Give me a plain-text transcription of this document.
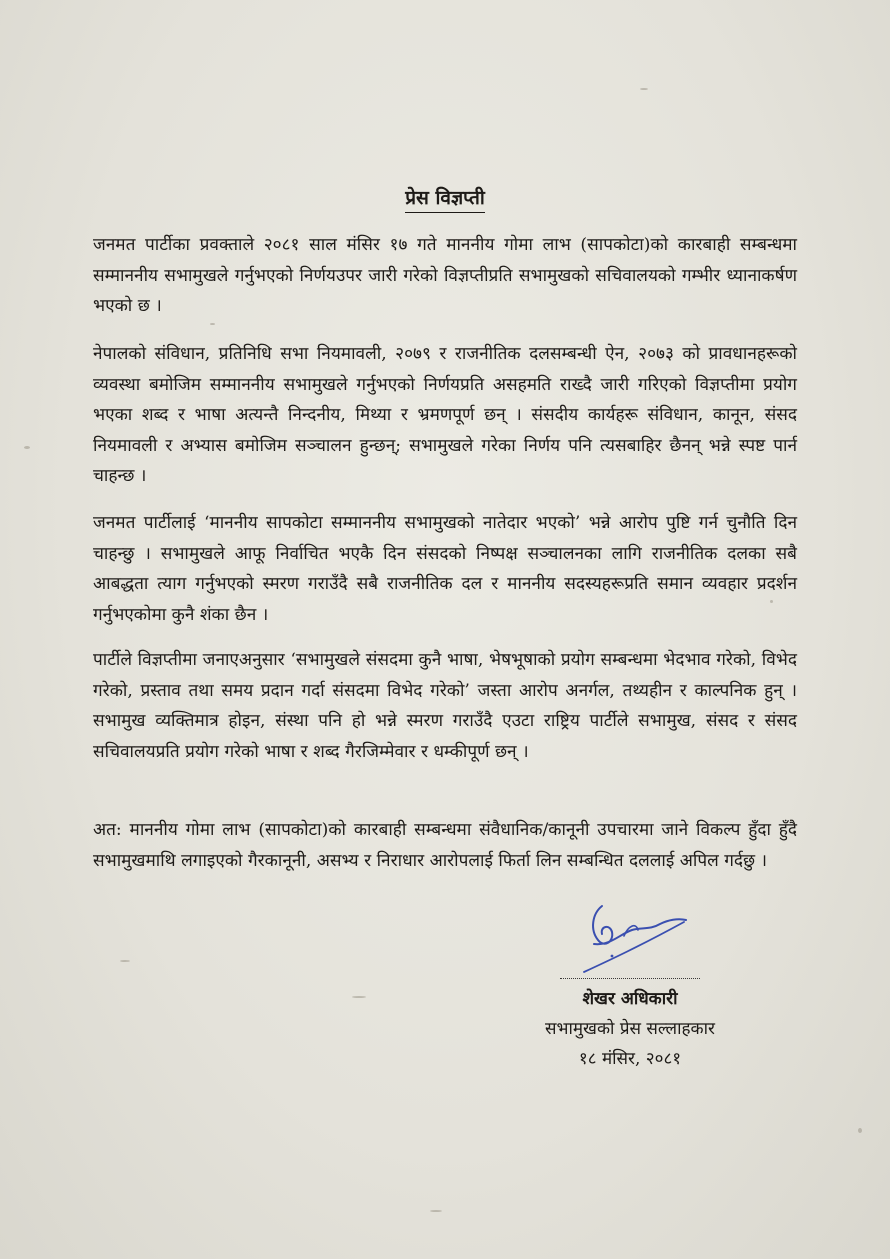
प्रेस विज्ञप्ती

जनमत पार्टीका प्रवक्ताले २०८१ साल मंसिर १७ गते माननीय गोमा लाभ (सापकोटा)को कारबाही सम्बन्धमा सम्माननीय सभामुखले गर्नुभएको निर्णयउपर जारी गरेको विज्ञप्तीप्रति सभामुखको सचिवालयको गम्भीर ध्यानाकर्षण भएको छ ।

नेपालको संविधान, प्रतिनिधि सभा नियमावली, २०७९ र राजनीतिक दलसम्बन्धी ऐन, २०७३ को प्रावधानहरूको व्यवस्था बमोजिम सम्माननीय सभामुखले गर्नुभएको निर्णयप्रति असहमति राख्दै जारी गरिएको विज्ञप्तीमा प्रयोग भएका शब्द र भाषा अत्यन्तै निन्दनीय, मिथ्या र भ्रमणपूर्ण छन् । संसदीय कार्यहरू संविधान, कानून, संसद नियमावली र अभ्यास बमोजिम सञ्चालन हुन्छन्; सभामुखले गरेका निर्णय पनि त्यसबाहिर छैनन् भन्ने स्पष्ट पार्न चाहन्छ ।

जनमत पार्टीलाई ‘माननीय सापकोटा सम्माननीय सभामुखको नातेदार भएको’ भन्ने आरोप पुष्टि गर्न चुनौति दिन चाहन्छु । सभामुखले आफू निर्वाचित भएकै दिन संसदको निष्पक्ष सञ्चालनका लागि राजनीतिक दलका सबै आबद्धता त्याग गर्नुभएको स्मरण गराउँदै सबै राजनीतिक दल र माननीय सदस्यहरूप्रति समान व्यवहार प्रदर्शन गर्नुभएकोमा कुनै शंका छैन ।

पार्टीले विज्ञप्तीमा जनाएअनुसार ‘सभामुखले संसदमा कुनै भाषा, भेषभूषाको प्रयोग सम्बन्धमा भेदभाव गरेको, विभेद गरेको, प्रस्ताव तथा समय प्रदान गर्दा संसदमा विभेद गरेको’ जस्ता आरोप अनर्गल, तथ्यहीन र काल्पनिक हुन् । सभामुख व्यक्तिमात्र होइन, संस्था पनि हो भन्ने स्मरण गराउँदै एउटा राष्ट्रिय पार्टीले सभामुख, संसद र संसद सचिवालयप्रति प्रयोग गरेको भाषा र शब्द गैरजिम्मेवार र धम्कीपूर्ण छन् ।

अत: माननीय गोमा लाभ (सापकोटा)को कारबाही सम्बन्धमा संवैधानिक/कानूनी उपचारमा जाने विकल्प हुँदा हुँदै सभामुखमाथि लगाइएको गैरकानूनी, असभ्य र निराधार आरोपलाई फिर्ता लिन सम्बन्धित दललाई अपिल गर्दछु ।

शेखर अधिकारी
सभामुखको प्रेस सल्लाहकार
१८ मंसिर, २०८१
